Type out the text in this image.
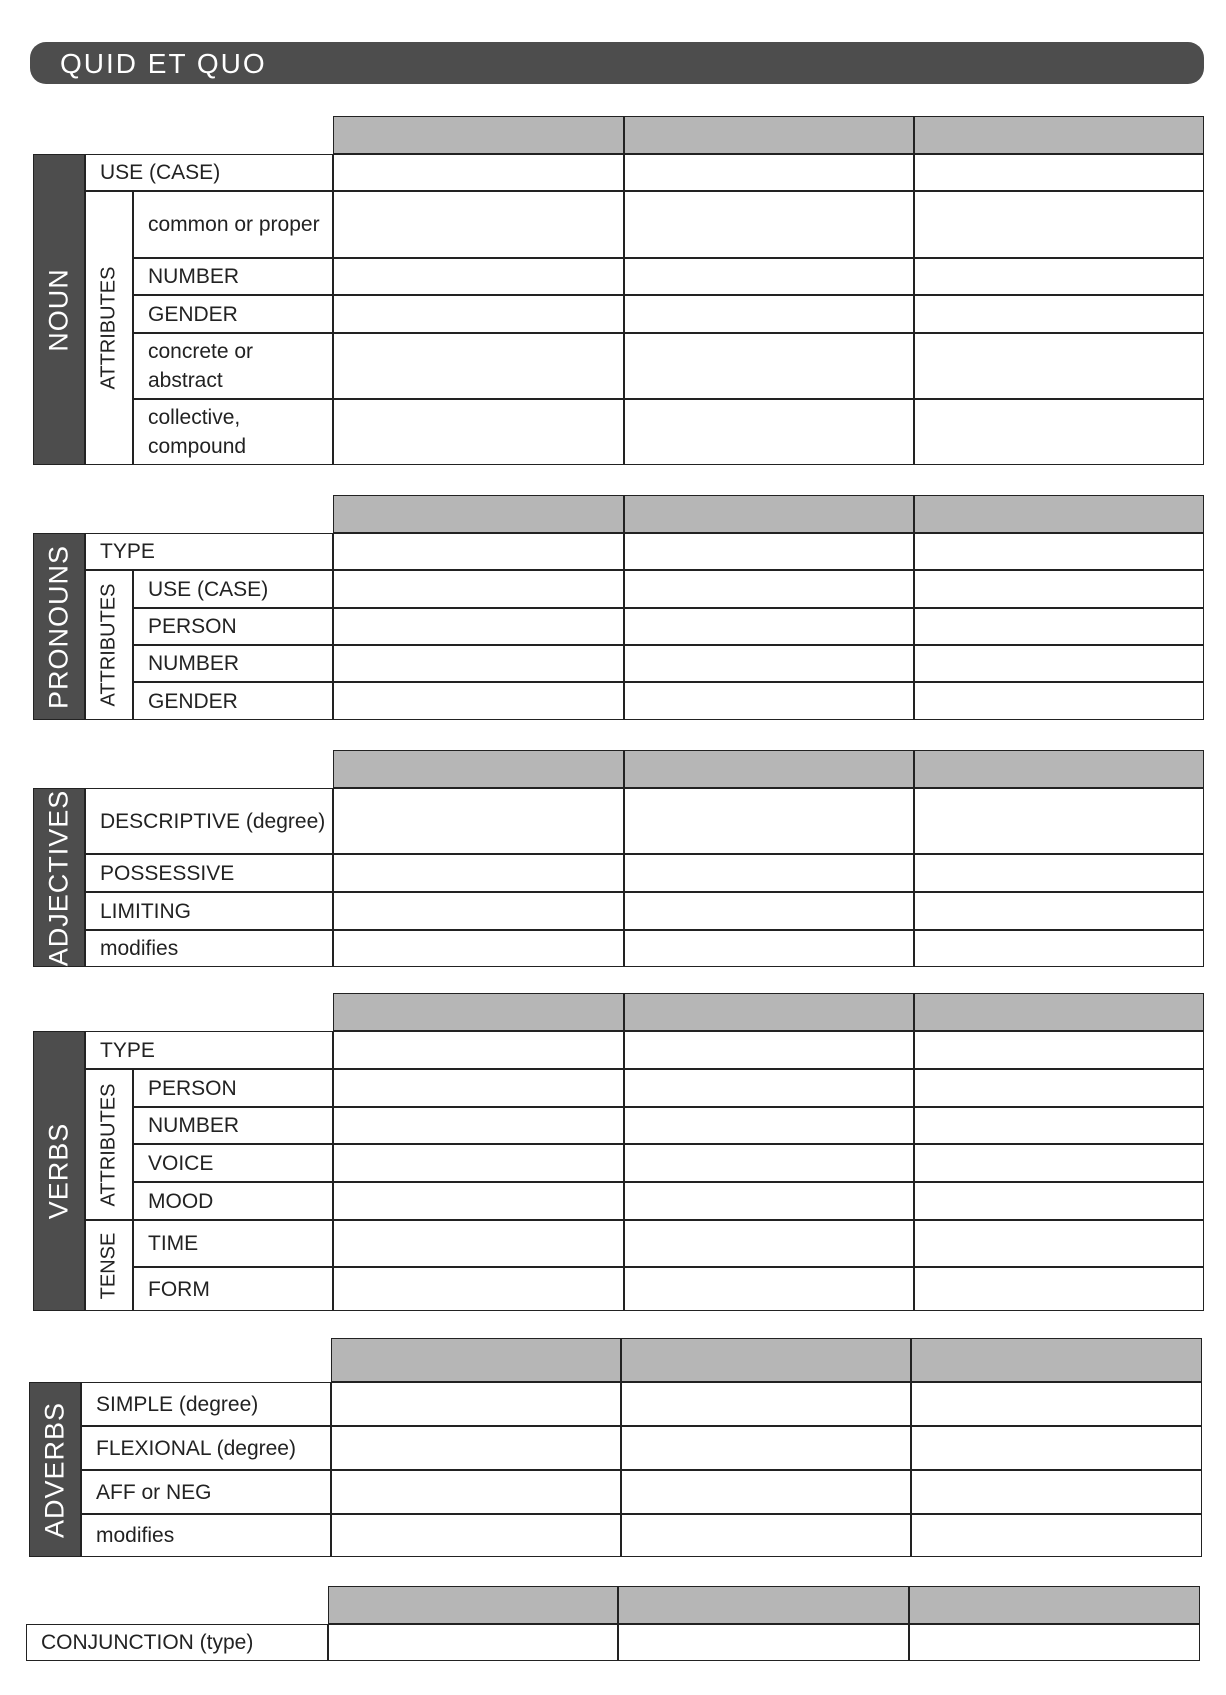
QUID ET QUO
NOUN ATTRIBUTES
USE (CASE)
common or proper
NUMBER
GENDER
concrete or abstract
collective, compound
PRONOUNS ATTRIBUTES
TYPE
USE (CASE)
PERSON
NUMBER
GENDER
ADJECTIVES DESCRIPTIVE (degree)
POSSESSIVE
LIMITING
modifies
VERBS ATTRIBUTES
TENSE
TYPE
PERSON
NUMBER
VOICE
MOOD
TIME
FORM
ADVERBS SIMPLE (degree)
FLEXIONAL (degree)
AFF or NEG
modifies
CONJUNCTION (type)
